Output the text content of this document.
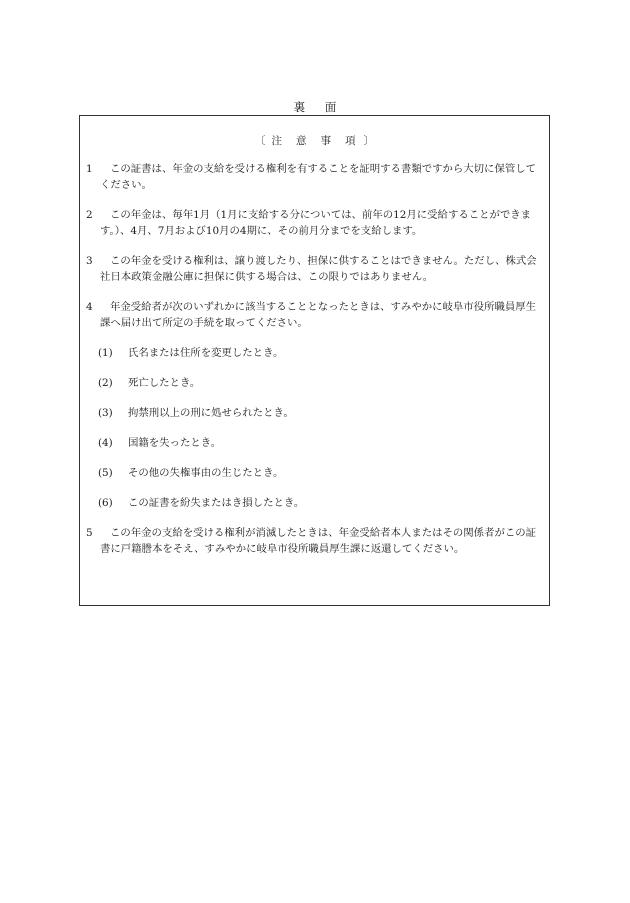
裏 面
〔 注 意 事 項 〕

1 この証書は、年金の支給を受ける権利を有することを証明する書類ですから大切に保管してください。

2 この年金は、毎年1月（1月に支給する分については、前年の12月に受給することができます。）、4月、7月および10月の4期に、その前月分までを支給します。

3 この年金を受ける権利は、譲り渡したり、担保に供することはできません。ただし、株式会社日本政策金融公庫に担保に供する場合は、この限りではありません。

4 年金受給者が次のいずれかに該当することとなったときは、すみやかに岐阜市役所職員厚生課へ届け出て所定の手続を取ってください。

(1) 氏名または住所を変更したとき。
(2) 死亡したとき。
(3) 拘禁刑以上の刑に処せられたとき。
(4) 国籍を失ったとき。
(5) その他の失権事由の生じたとき。
(6) この証書を紛失またはき損したとき。

5 この年金の支給を受ける権利が消滅したときは、年金受給者本人またはその関係者がこの証書に戸籍謄本をそえ、すみやかに岐阜市役所職員厚生課に返還してください。
